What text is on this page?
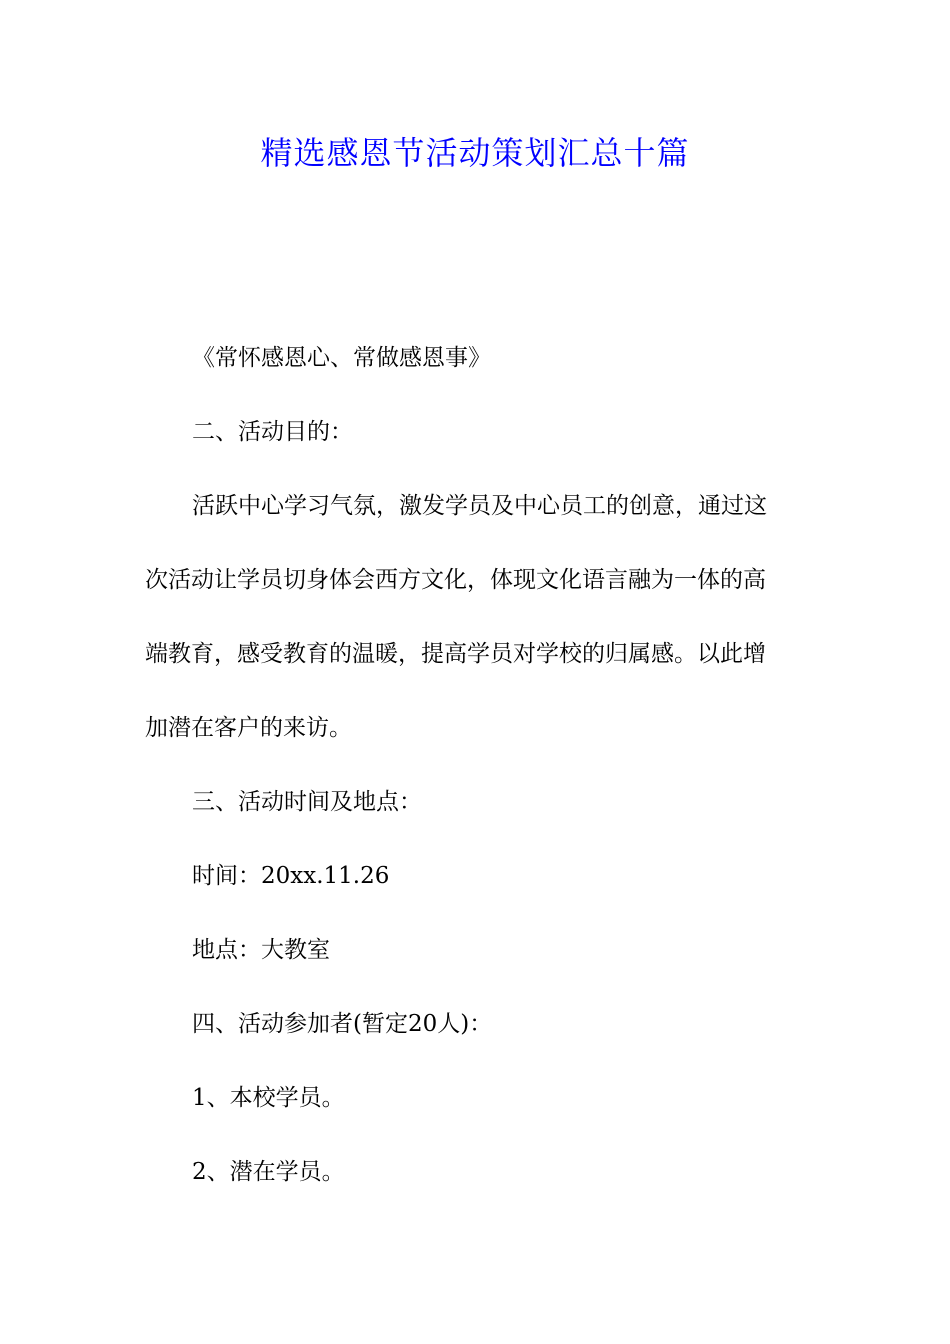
精选感恩节活动策划汇总十篇

《常怀感恩心、常做感恩事》

二、活动目的：

活跃中心学习气氛，激发学员及中心员工的创意，通过这
次活动让学员切身体会西方文化，体现文化语言融为一体的高
端教育，感受教育的温暖，提高学员对学校的归属感。以此增
加潜在客户的来访。

三、活动时间及地点：

时间：20xx.11.26

地点：大教室

四、活动参加者(暂定20人)：

1、本校学员。

2、潜在学员。
